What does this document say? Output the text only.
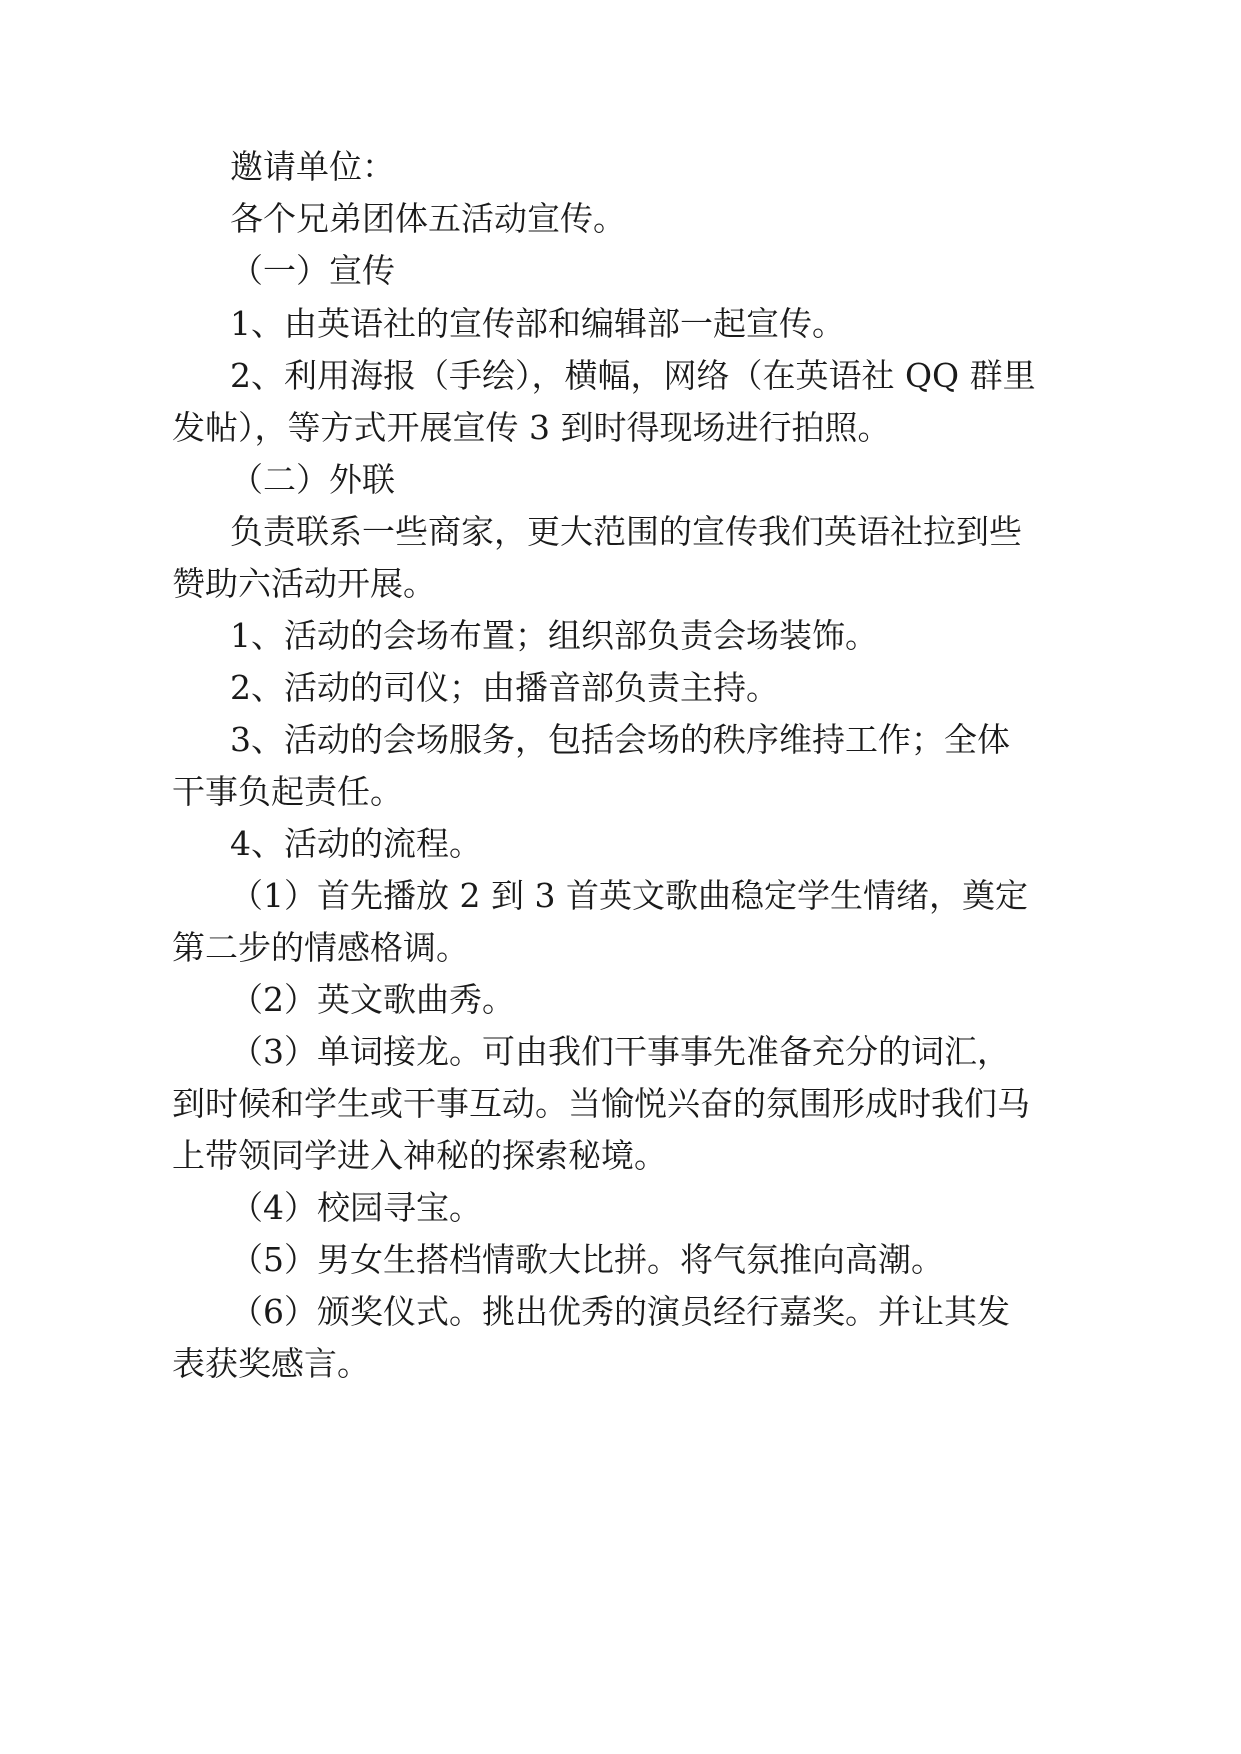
邀请单位：
各个兄弟团体五活动宣传。
（一）宣传
1、由英语社的宣传部和编辑部一起宣传。
2、利用海报（手绘），横幅，网络（在英语社 QQ 群里
发帖），等方式开展宣传 3 到时得现场进行拍照。
（二）外联
负责联系一些商家，更大范围的宣传我们英语社拉到些
赞助六活动开展。
1、活动的会场布置；组织部负责会场装饰。
2、活动的司仪；由播音部负责主持。
3、活动的会场服务，包括会场的秩序维持工作；全体
干事负起责任。
4、活动的流程。
（1）首先播放 2 到 3 首英文歌曲稳定学生情绪，奠定
第二步的情感格调。
（2）英文歌曲秀。
（3）单词接龙。可由我们干事事先准备充分的词汇，
到时候和学生或干事互动。当愉悦兴奋的氛围形成时我们马
上带领同学进入神秘的探索秘境。
（4）校园寻宝。
（5）男女生搭档情歌大比拼。将气氛推向高潮。
（6）颁奖仪式。挑出优秀的演员经行嘉奖。并让其发
表获奖感言。
